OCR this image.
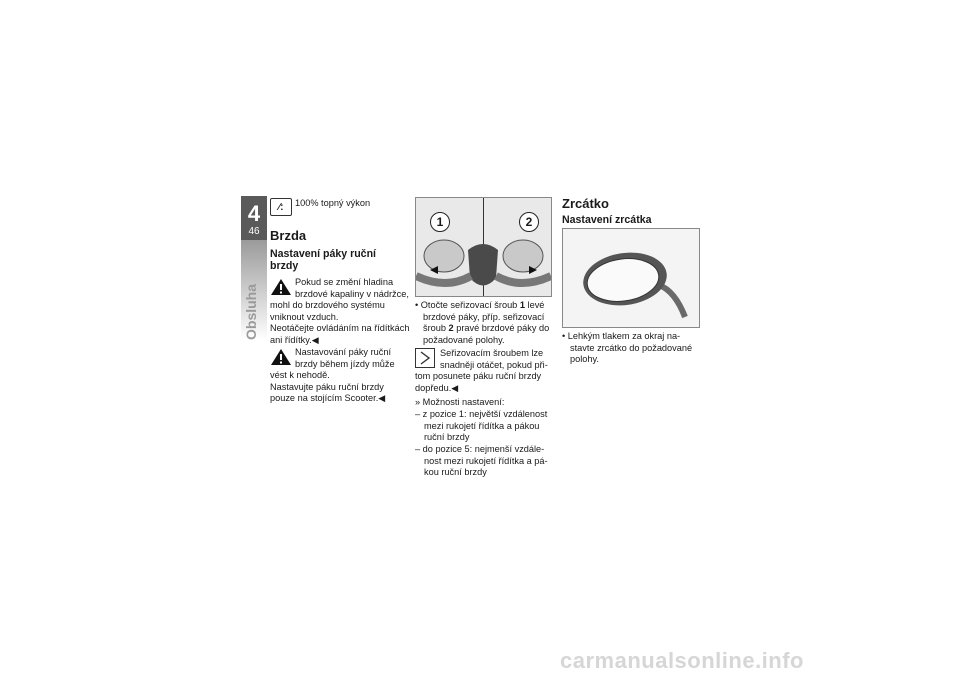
4
46
Obsluha
⁄:	100% topný výkon
Brzda
Nastavení páky ruční
brzdy
Pokud se změní hladina
brzdové kapaliny v nádržce,
mohl do brzdového systému
vniknout vzduch.
Neotáčejte ovládáním na řídítkách
ani řídítky.◀
Nastavování páky ruční
brzdy během jízdy může
vést k nehodě.
Nastavujte páku ruční brzdy
pouze na stojícím Scooter.◀
1	2
• Otočte seřizovací šroub 1 levé
brzdové páky, příp. seřizovací
šroub 2 pravé brzdové páky do
požadované polohy.
Seřizovacím šroubem lze
snadněji otáčet, pokud při-
tom posunete páku ruční brzdy
dopředu.◀
» Možnosti nastavení:
– z pozice 1: největší vzdálenost
mezi rukojetí řídítka a pákou
ruční brzdy
– do pozice 5: nejmenší vzdále-
nost mezi rukojetí řídítka a pá-
kou ruční brzdy
Zrcátko
Nastavení zrcátka
• Lehkým tlakem za okraj na-
stavte zrcátko do požadované
polohy.
carmanualsonline.info
